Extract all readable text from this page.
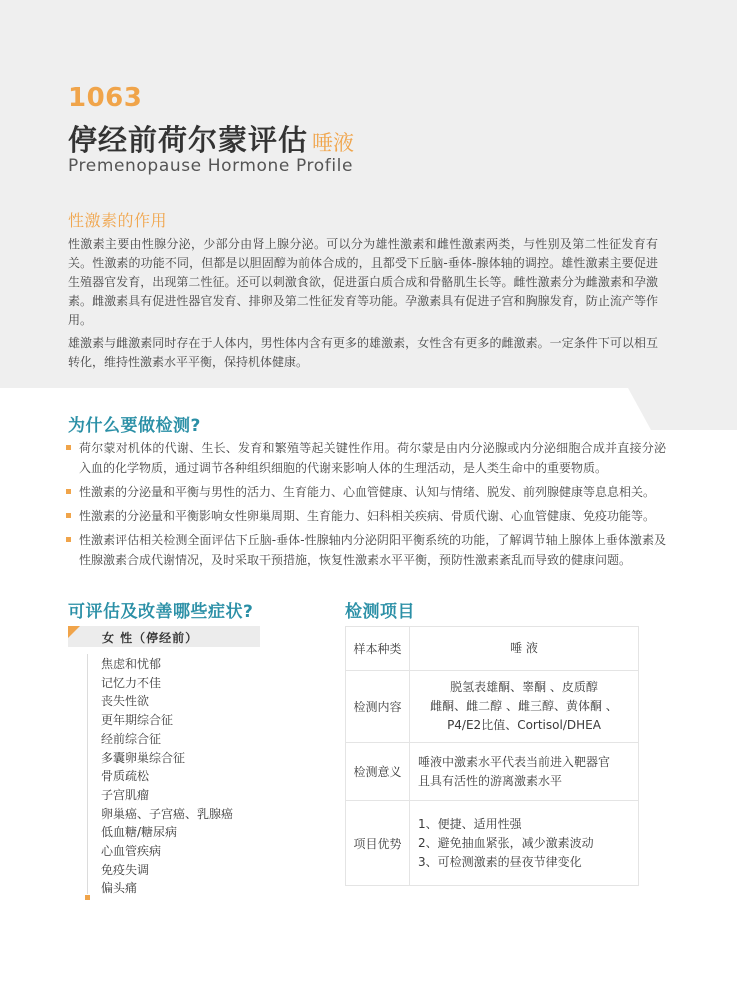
1063
停经前荷尔蒙评估 唾液
Premenopause Hormone Profile
性激素的作用

性激素主要由性腺分泌，少部分由肾上腺分泌。可以分为雄性激素和雌性激素两类，与性别及第二性征发育有关。性激素的功能不同，但都是以胆固醇为前体合成的，且都受下丘脑-垂体-腺体轴的调控。雄性激素主要促进生殖器官发育，出现第二性征。还可以刺激食欲，促进蛋白质合成和骨骼肌生长等。雌性激素分为雌激素和孕激素。雌激素具有促进性器官发育、排卵及第二性征发育等功能。孕激素具有促进子宫和胸腺发育，防止流产等作用。

雄激素与雌激素同时存在于人体内，男性体内含有更多的雄激素，女性含有更多的雌激素。一定条件下可以相互转化，维持性激素水平平衡，保持机体健康。

为什么要做检测?
荷尔蒙对机体的代谢、生长、发育和繁殖等起关键性作用。荷尔蒙是由内分泌腺或内分泌细胞合成并直接分泌入血的化学物质，通过调节各种组织细胞的代谢来影响人体的生理活动，是人类生命中的重要物质。
性激素的分泌量和平衡与男性的活力、生育能力、心血管健康、认知与情绪、脱发、前列腺健康等息息相关。
性激素的分泌量和平衡影响女性卵巢周期、生育能力、妇科相关疾病、骨质代谢、心血管健康、免疫功能等。
性激素评估相关检测全面评估下丘脑-垂体-性腺轴内分泌阴阳平衡系统的功能，了解调节轴上腺体上垂体激素及性腺激素合成代谢情况，及时采取干预措施，恢复性激素水平平衡，预防性激素紊乱而导致的健康问题。
可评估及改善哪些症状?
女 性（停经前）
焦虑和忧郁
记忆力不佳
丧失性欲
更年期综合征
经前综合征
多囊卵巢综合征
骨质疏松
子宫肌瘤
卵巢癌、子宫癌、乳腺癌
低血糖/糖尿病
心血管疾病
免疫失调
偏头痛
检测项目
样本种类	唾 液

检测内容	脱氢表雄酮、睾酮 、皮质醇
雌酮、雌二醇 、雌三醇、黄体酮 、
P4/E2比值、Cortisol/DHEA

检测意义	唾液中激素水平代表当前进入靶器官
且具有活性的游离激素水平

项目优势	1、便捷、适用性强
2、避免抽血紧张，减少激素波动
3、可检测激素的昼夜节律变化
